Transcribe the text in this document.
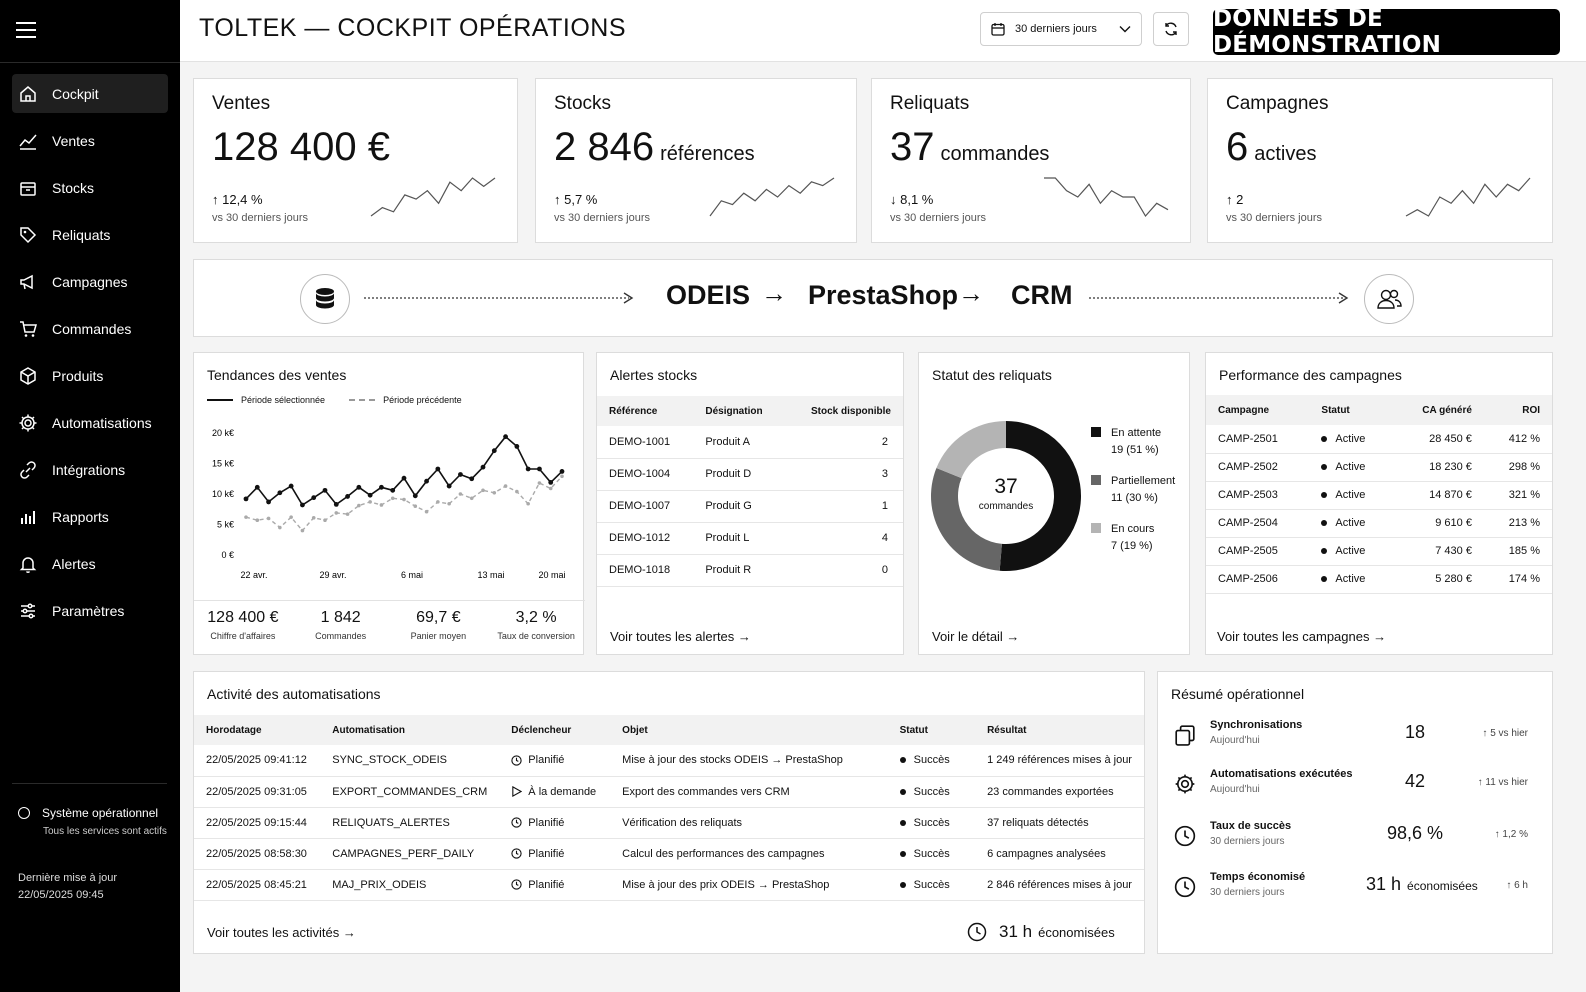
Cockpit
Ventes
Stocks
Reliquats
Campagnes
Commandes
Produits
Automatisations
Intégrations
Rapports
Alertes
Paramètres
Système opérationnel
Tous les services sont actifs
Dernière mise à jour
22/05/2025 09:45
TOLTEK — COCKPIT OPÉRATIONS	30 derniers jours	DONNÉES DE DÉMONSTRATION
Ventes
128 400 €
↑ 12,4 %
vs 30 derniers jours
Stocks
2 846 références
↑ 5,7 %
vs 30 derniers jours
Reliquats
37 commandes
↓ 8,1 %
vs 30 derniers jours
Campagnes
6 actives
↑ 2
vs 30 derniers jours
ODEIS → PrestaShop → CRM
Tendances des ventes
Période sélectionnée	Période précédente
0 €
5 k€
10 k€
15 k€
20 k€
22 avr.	29 avr.	6 mai	13 mai	20 mai
128 400 €
Chiffre d'affaires
1 842
Commandes
69,7 €
Panier moyen
3,2 %
Taux de conversion
Alertes stocks
Référence	Désignation	Stock disponible
DEMO-1001	Produit A	2
DEMO-1004	Produit D	3
DEMO-1007	Produit G	1
DEMO-1012	Produit L	4
DEMO-1018	Produit R	0
Voir toutes les alertes →
Statut des reliquats
37
commandes
En attente
19 (51 %)
Partiellement
11 (30 %)
En cours
7 (19 %)
Voir le détail →
Performance des campagnes
Campagne	Statut	CA généré	ROI
CAMP-2501	Active	28 450 €	412 %
CAMP-2502	Active	18 230 €	298 %
CAMP-2503	Active	14 870 €	321 %
CAMP-2504	Active	9 610 €	213 %
CAMP-2505	Active	7 430 €	185 %
CAMP-2506	Active	5 280 €	174 %
Voir toutes les campagnes →
Activité des automatisations
Horodatage	Automatisation	Déclencheur	Objet	Statut	Résultat
22/05/2025 09:41:12	SYNC_STOCK_ODEIS	Planifié	Mise à jour des stocks ODEIS → PrestaShop	Succès	1 249 références mises à jour
22/05/2025 09:31:05	EXPORT_COMMANDES_CRM	À la demande	Export des commandes vers CRM	Succès	23 commandes exportées
22/05/2025 09:15:44	RELIQUATS_ALERTES	Planifié	Vérification des reliquats	Succès	37 reliquats détectés
22/05/2025 08:58:30	CAMPAGNES_PERF_DAILY	Planifié	Calcul des performances des campagnes	Succès	6 campagnes analysées
22/05/2025 08:45:21	MAJ_PRIX_ODEIS	Planifié	Mise à jour des prix ODEIS → PrestaShop	Succès	2 846 références mises à jour
Voir toutes les activités →	31 h économisées
Résumé opérationnel
Synchronisations
Aujourd'hui	18	↑ 5 vs hier
Automatisations exécutées
Aujourd'hui	42	↑ 11 vs hier
Taux de succès
30 derniers jours	98,6 %	↑ 1,2 %
Temps économisé
30 derniers jours	31 h économisées	↑ 6 h
